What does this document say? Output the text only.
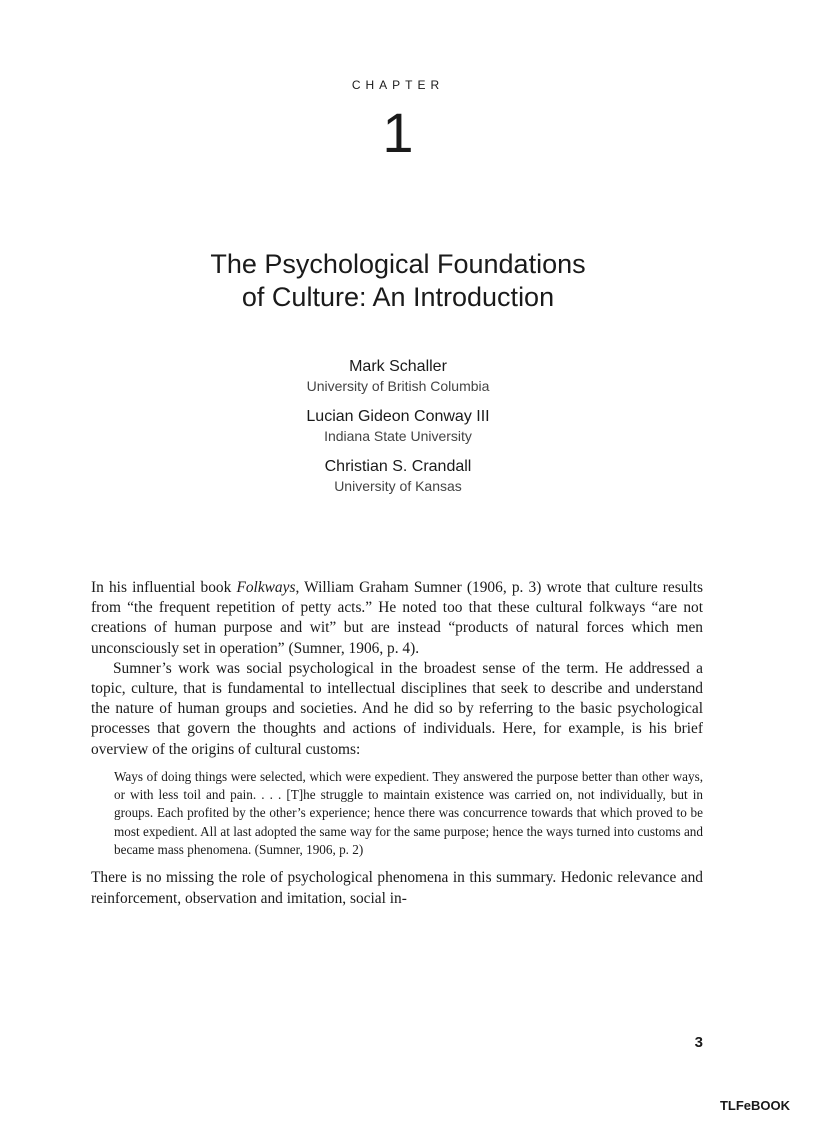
CHAPTER
1
The Psychological Foundations
of Culture: An Introduction
Mark Schaller
University of British Columbia
Lucian Gideon Conway III
Indiana State University
Christian S. Crandall
University of Kansas

In his influential book Folkways, William Graham Sumner (1906, p. 3) wrote that culture results from “the frequent repetition of petty acts.” He noted too that these cultural folkways “are not creations of human purpose and wit” but are instead “products of natural forces which men unconsciously set in operation” (Sumner, 1906, p. 4).

Sumner’s work was social psychological in the broadest sense of the term. He addressed a topic, culture, that is fundamental to intellectual disciplines that seek to describe and understand the nature of human groups and societies. And he did so by referring to the basic psychological processes that govern the thoughts and actions of individuals. Here, for example, is his brief overview of the origins of cultural customs:

Ways of doing things were selected, which were expedient. They answered the purpose better than other ways, or with less toil and pain. . . . [T]he struggle to maintain existence was carried on, not individually, but in groups. Each profited by the other’s experience; hence there was concurrence towards that which proved to be most expedient. All at last adopted the same way for the same purpose; hence the ways turned into customs and became mass phenomena. (Sumner, 1906, p. 2)

There is no missing the role of psychological phenomena in this summary. Hedonic relevance and reinforcement, observation and imitation, social in-

3
TLFeBOOK
